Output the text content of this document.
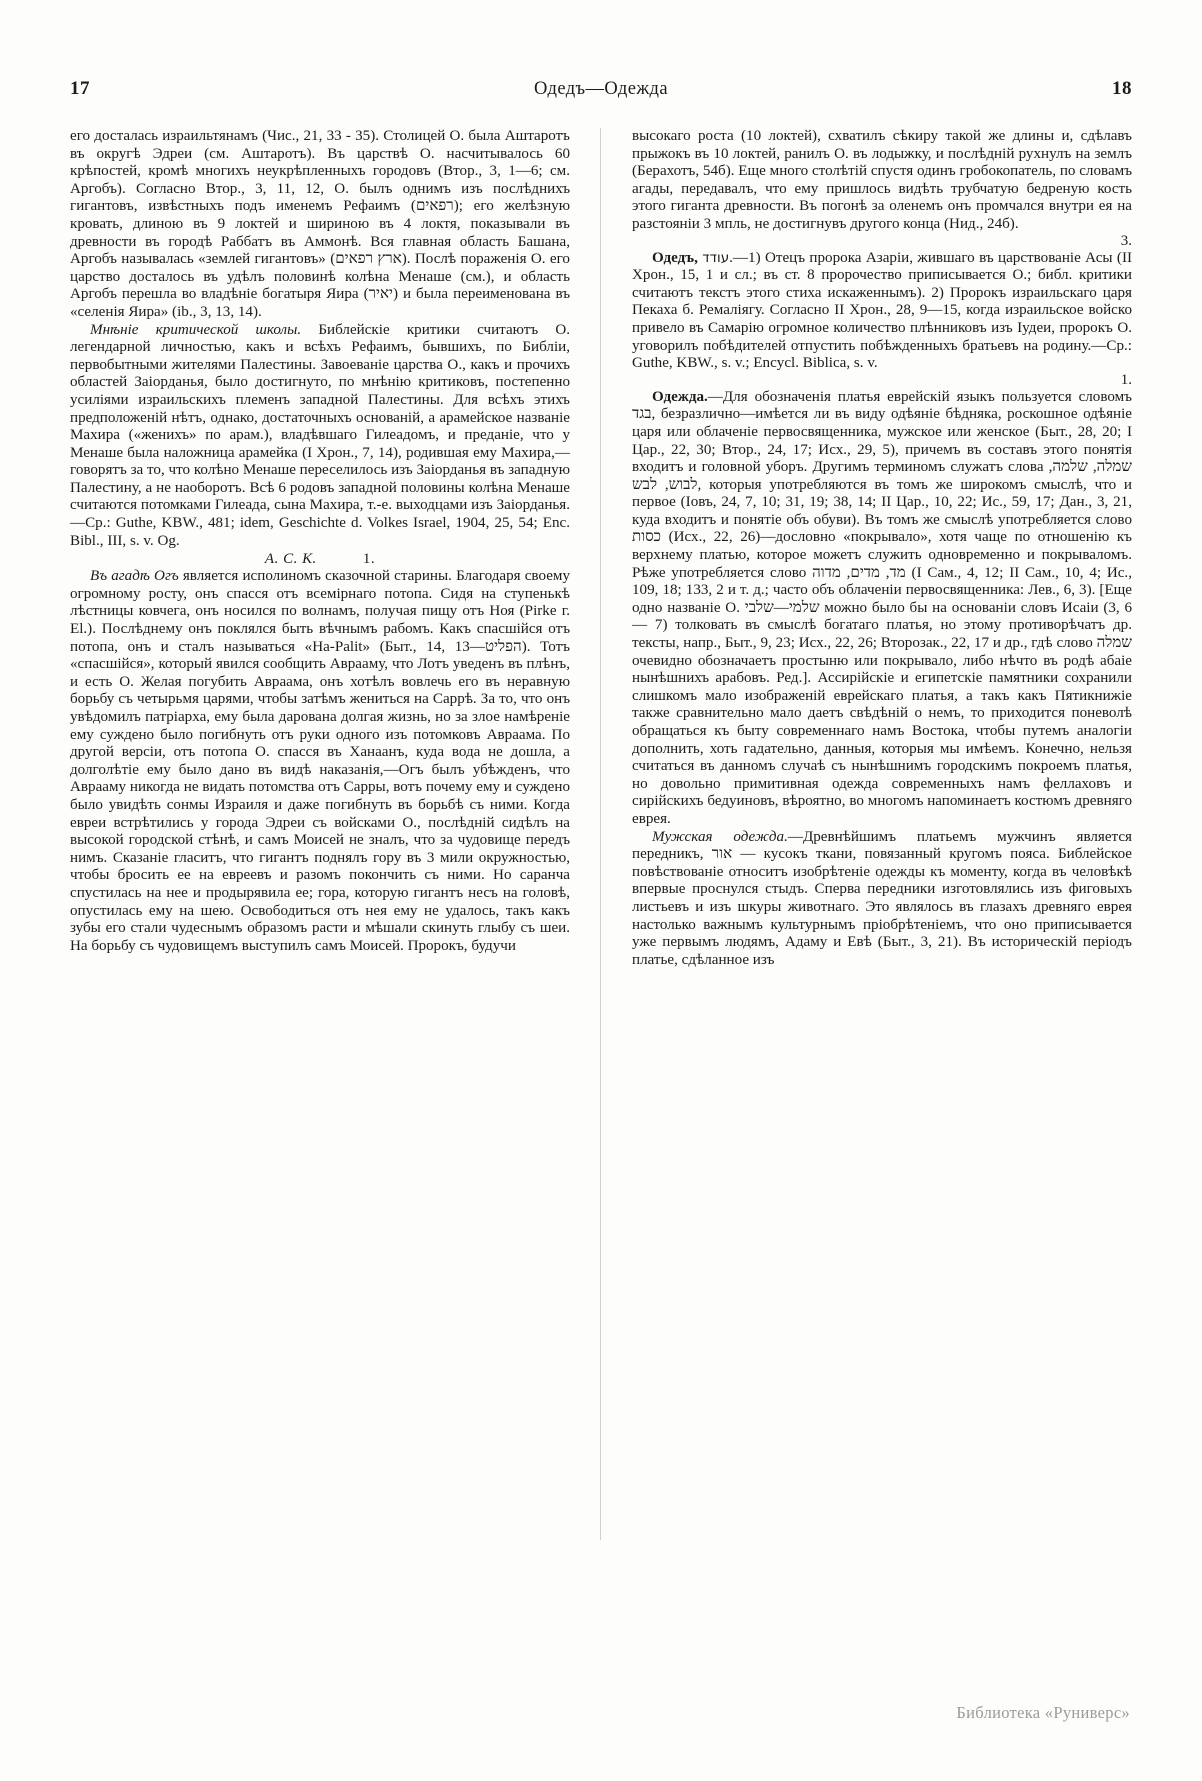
17	Одедъ—Одежда	18

его досталась израильтянамъ (Чис., 21, 33 - 35). Столицей О. была Аштаротъ въ округѣ Эдреи (см. Аштаротъ). Въ царствѣ О. насчитывалось 60 крѣпостей, кромѣ многихъ неукрѣпленныхъ городовъ (Втор., 3, 1—6; см. Аргобъ). Согласно Втор., 3, 11, 12, О. былъ однимъ изъ послѣднихъ гигантовъ, извѣстныхъ подъ именемъ Рефаимъ (רפאים); его желѣзную кровать, длиною въ 9 локтей и шириною въ 4 локтя, показывали въ древности въ городѣ Раббатъ въ Аммонѣ. Вся главная область Башана, Аргобъ называлась «землей гигантовъ» (ארץ רפאים). Послѣ пораженія О. его царство досталось въ удѣлъ половинѣ колѣна Менаше (см.), и область Аргобъ перешла во владѣніе богатыря Яира (יאיר) и была переименована въ «селенія Яира» (ib., 3, 13, 14).

Мнѣніе критической школы. Библейскіе критики считаютъ О. легендарной личностью, какъ и всѣхъ Рефаимъ, бывшихъ, по Библіи, первобытными жителями Палестины. Завоеваніе царства О., какъ и прочихъ областей Заіорданья, было достигнуто, по мнѣнію критиковъ, постепенно усиліями израильскихъ племенъ западной Палестины. Для всѣхъ этихъ предположеній нѣтъ, однако, достаточныхъ основаній, а арамейское названіе Махира («женихъ» по арам.), владѣвшаго Гилеадомъ, и преданіе, что у Менаше была наложница арамейка (I Хрон., 7, 14), родившая ему Махира,—говорятъ за то, что колѣно Менаше переселилось изъ Заіорданья въ западную Палестину, а не наоборотъ. Всѣ 6 родовъ западной половины колѣна Менаше считаются потомками Гилеада, сына Махира, т.-е. выходцами изъ Заіорданья.—Ср.: Guthe, KBW., 481; idem, Geschichte d. Volkes Israel, 1904, 25, 54; Enc. Bibl., III, s. v. Og.

А. С. К.	1.

Въ агадѣ Огъ является исполиномъ сказочной старины. Благодаря своему огромному росту, онъ спасся отъ всемірнаго потопа. Сидя на ступенькѣ лѣстницы ковчега, онъ носился по волнамъ, получая пищу отъ Ноя (Pirke г. El.). Послѣднему онъ поклялся быть вѣчнымъ рабомъ. Какъ спасшійся отъ потопа, онъ и сталъ называться «Ha-Palit» (Быт., 14, 13—הפליט). Тотъ «спасшійся», который явился сообщить Аврааму, что Лотъ уведенъ въ плѣнъ, и есть О. Желая погубить Авраама, онъ хотѣлъ вовлечь его въ неравную борьбу съ четырьмя царями, чтобы затѣмъ жениться на Саррѣ. За то, что онъ увѣдомилъ патріарха, ему была дарована долгая жизнь, но за злое намѣреніе ему суждено было погибнуть отъ руки одного изъ потомковъ Авраама. По другой версіи, отъ потопа О. спасся въ Ханаанъ, куда вода не дошла, а долголѣтіе ему было дано въ видѣ наказанія,—Огъ былъ убѣжденъ, что Аврааму никогда не видать потомства отъ Сарры, вотъ почему ему и суждено было увидѣть сонмы Израиля и даже погибнуть въ борьбѣ съ ними. Когда евреи встрѣтились у города Эдреи съ войсками О., послѣдній сидѣлъ на высокой городской стѣнѣ, и самъ Моисей не зналъ, что за чудовище передъ нимъ. Сказаніе гласитъ, что гигантъ поднялъ гору въ 3 мили окружностью, чтобы бросить ее на евреевъ и разомъ покончить съ ними. Но саранча спустилась на нее и продырявила ее; гора, которую гигантъ несъ на головѣ, опустилась ему на шею. Освободиться отъ нея ему не удалось, такъ какъ зубы его стали чудеснымъ образомъ расти и мѣшали скинуть глыбу съ шеи. На борьбу съ чудовищемъ выступилъ самъ Моисей. Пророкъ, будучи

высокаго роста (10 локтей), схватилъ сѣкиру такой же длины и, сдѣлавъ прыжокъ въ 10 локтей, ранилъ О. въ лодыжку, и послѣдній рухнулъ на землъ (Берахотъ, 54б). Еще много столѣтій спустя одинъ гробокопатель, по словамъ агады, передавалъ, что ему пришлось видѣть трубчатую бедреную кость этого гиганта древности. Въ погонѣ за оленемъ онъ промчался внутри ея на разстояніи 3 мпль, не достигнувъ другого конца (Нид., 24б).

3.

Одедъ, עודד.—1) Отецъ пророка Азаріи, жившаго въ царствованіе Асы (II Хрон., 15, 1 и сл.; въ ст. 8 пророчество приписывается О.; библ. критики считаютъ текстъ этого стиха искаженнымъ). 2) Пророкъ израильскаго царя Пекаха б. Ремаліягу. Согласно II Хрон., 28, 9—15, когда израильское войско привело въ Самарію огромное количество плѣнниковъ изъ Іудеи, пророкъ О. уговорилъ побѣдителей отпустить побѣжденныхъ братьевъ на родину.—Ср.: Guthe, KBW., s. v.; Encycl. Biblica, s. v.

1.

Одежда.—Для обозначенія платья еврейскій языкъ пользуется словомъ בגד, безразлично—имѣется ли въ виду одѣяніе бѣдняка, роскошное одѣяніе царя или облаченіе первосвященника, мужское или женское (Быт., 28, 20; I Цар., 22, 30; Втор., 24, 17; Исх., 29, 5), причемъ въ составъ этого понятія входитъ и головной уборъ. Другимъ терминомъ служатъ слова שמלה, שלמה, לבוש, לבש, которыя употребляются въ томъ же широкомъ смыслѣ, что и первое (Іовъ, 24, 7, 10; 31, 19; 38, 14; II Цар., 10, 22; Ис., 59, 17; Дан., 3, 21, куда входитъ и понятіе объ обуви). Въ томъ же смыслѣ употребляется слово כסות (Исх., 22, 26)—дословно «покрывало», хотя чаще по отношенію къ верхнему платью, которое можетъ служить одновременно и покрываломъ. Рѣже употребляется слово מד, מדים, מדוה (I Сам., 4, 12; II Сам., 10, 4; Ис., 109, 18; 133, 2 и т. д.; часто объ облаченіи первосвященника: Лев., 6, 3). [Еще одно названіе О. שלמי—שלבי можно было бы на основаніи словъ Исаіи (3, 6 — 7) толковать въ смыслѣ богатаго платья, но этому противорѣчатъ др. тексты, напр., Быт., 9, 23; Исх., 22, 26; Второзак., 22, 17 и др., гдѣ слово שמלה очевидно обозначаетъ простыню или покрывало, либо нѣчто въ родѣ абаіе нынѣшнихъ арабовъ. Ред.]. Ассирійскіе и египетскіе памятники сохранили слишкомъ мало изображеній еврейскаго платья, а такъ какъ Пятикнижіе также сравнительно мало даетъ свѣдѣній о немъ, то приходится поневолѣ обращаться къ быту современнаго намъ Востока, чтобы путемъ аналогіи дополнить, хоть гадательно, данныя, которыя мы имѣемъ. Конечно, нельзя считаться въ данномъ случаѣ съ нынѣшнимъ городскимъ покроемъ платья, но довольно примитивная одежда современныхъ намъ феллаховъ и сирійскихъ бедуиновъ, вѣроятно, во многомъ напоминаетъ костюмъ древняго еврея.

Мужская одежда.—Древнѣйшимъ платьемъ мужчинъ является передникъ, אור — кусокъ ткани, повязанный кругомъ пояса. Библейское повѣствованіе относитъ изобрѣтеніе одежды къ моменту, когда въ человѣкѣ впервые проснулся стыдъ. Сперва передники изготовлялись изъ фиговыхъ листьевъ и изъ шкуры животнаго. Это являлось въ глазахъ древняго еврея настолько важнымъ культурнымъ пріобрѣтеніемъ, что оно приписывается уже первымъ людямъ, Адаму и Евѣ (Быт., 3, 21). Въ историческій періодъ платье, сдѣланное изъ

Библиотека «Руниверс»
